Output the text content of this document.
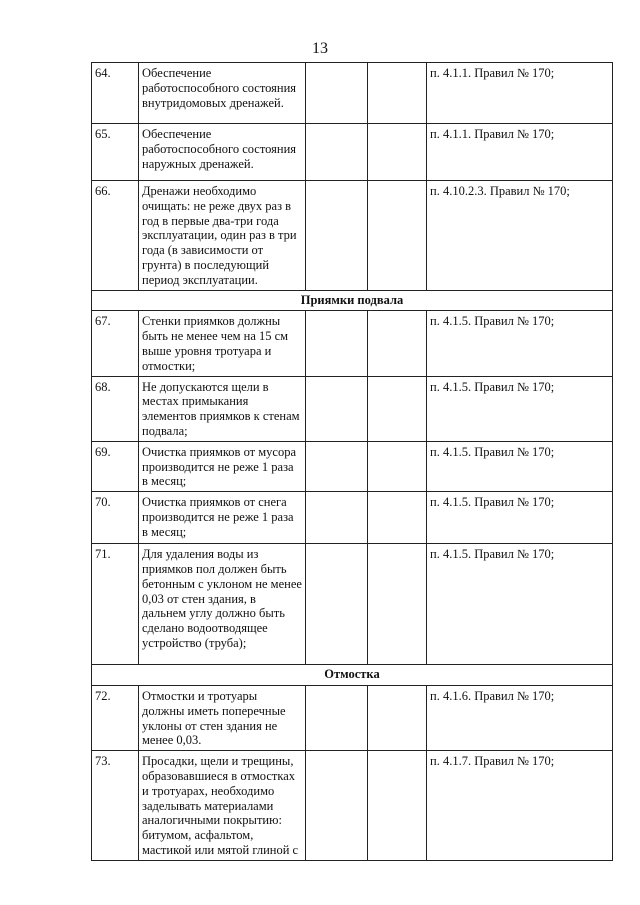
13
64.	Обеспечение работоспособного состояния внутридомовых дренажей.			п. 4.1.1. Правил № 170;
65.	Обеспечение работоспособного состояния наружных дренажей.			п. 4.1.1. Правил № 170;
66.	Дренажи необходимо очищать: не реже двух раз в год в первые два-три года эксплуатации, один раз в три года (в зависимости от грунта) в последующий период эксплуатации.			п. 4.10.2.3. Правил № 170;
Приямки подвала				
67.	Стенки приямков должны быть не менее чем на 15 см выше уровня тротуара и отмостки;			п. 4.1.5. Правил № 170;
68.	Не допускаются щели в местах примыкания элементов приямков к стенам подвала;			п. 4.1.5. Правил № 170;
69.	Очистка приямков от мусора производится не реже 1 раза в месяц;			п. 4.1.5. Правил № 170;
70.	Очистка приямков от снега производится не реже 1 раза в месяц;			п. 4.1.5. Правил № 170;
71.	Для удаления воды из приямков пол должен быть бетонным с уклоном не менее 0,03 от стен здания, в дальнем углу должно быть сделано водоотводящее устройство (труба);			п. 4.1.5. Правил № 170;
Отмостка				
72.	Отмостки и тротуары должны иметь поперечные уклоны от стен здания не менее 0,03.			п. 4.1.6. Правил № 170;
73.	Просадки, щели и трещины, образовавшиеся в отмостках и тротуарах, необходимо заделывать материалами аналогичными покрытию: битумом, асфальтом, мастикой или мятой глиной с			п. 4.1.7. Правил № 170;
